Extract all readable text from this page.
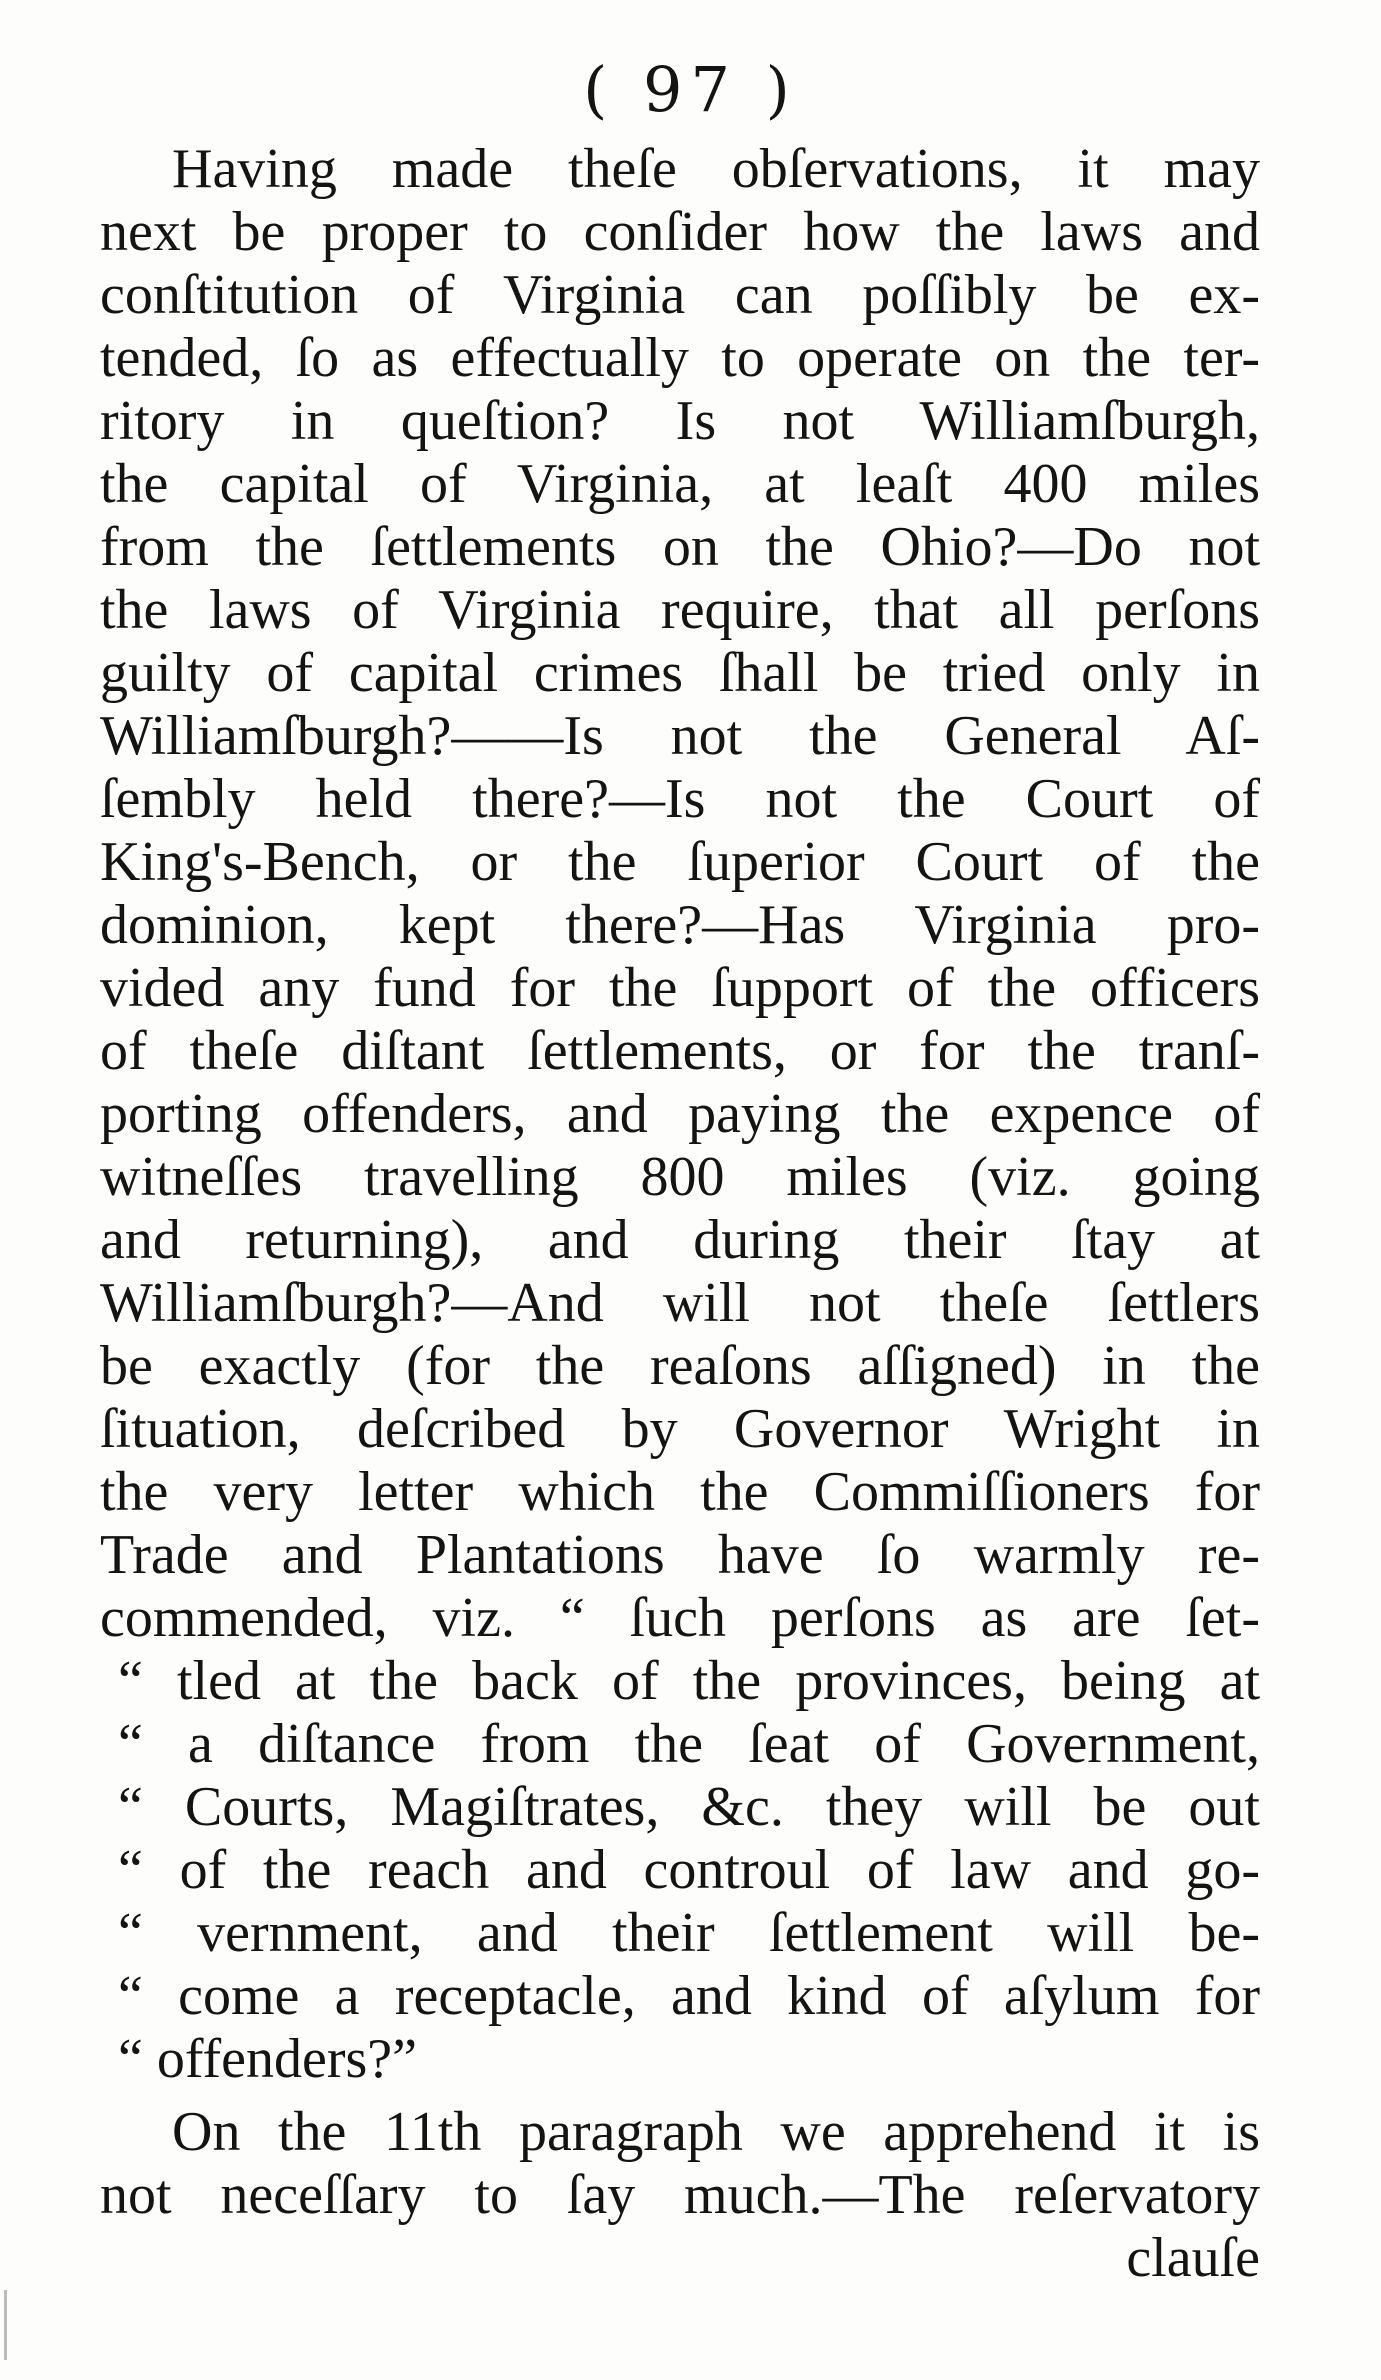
( 97 )
Having made theſe obſervations, it may
next be proper to conſider how the laws and
conſtitution of Virginia can poſſibly be ex-
tended, ſo as effectually to operate on the ter-
ritory in queſtion? Is not Williamſburgh,
the capital of Virginia, at leaſt 400 miles
from the ſettlements on the Ohio?—Do not
the laws of Virginia require, that all perſons
guilty of capital crimes ſhall be tried only in
Williamſburgh?——Is not the General Aſ-
ſembly held there?—Is not the Court of
King's-Bench, or the ſuperior Court of the
dominion, kept there?—Has Virginia pro-
vided any fund for the ſupport of the officers
of theſe diſtant ſettlements, or for the tranſ-
porting offenders, and paying the expence of
witneſſes travelling 800 miles (viz. going
and returning), and during their ſtay at
Williamſburgh?—And will not theſe ſettlers
be exactly (for the reaſons aſſigned) in the
ſituation, deſcribed by Governor Wright in
the very letter which the Commiſſioners for
Trade and Plantations have ſo warmly re-
commended, viz. “ ſuch perſons as are ſet-
“ tled at the back of the provinces, being at
“ a diſtance from the ſeat of Government,
“ Courts, Magiſtrates, &c. they will be out
“ of the reach and controul of law and go-
“ vernment, and their ſettlement will be-
“ come a receptacle, and kind of aſylum for
“ offenders?”
On the 11th paragraph we apprehend it is
not neceſſary to ſay much.—The reſervatory
clauſe
